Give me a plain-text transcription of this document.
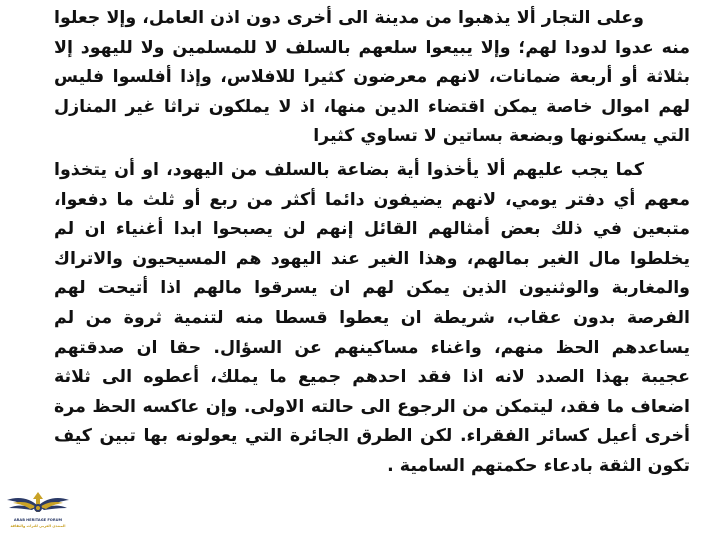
وعلى التجار ألا يذهبوا من مدينة الى أخرى دون اذن العامل، وإلا جعلوا منه عدوا لدودا لهم؛ وإلا يبيعوا سلعهم بالسلف لا للمسلمين ولا لليهود إلا بثلاثة أو أربعة ضمانات، لانهم معرضون كثيرا للافلاس، وإذا أفلسوا فليس لهم اموال خاصة يمكن اقتضاء الدين منها، اذ لا يملكون تراثا غير المنازل التي يسكنونها وبضعة بساتين لا تساوي كثيرا

كما يجب عليهم ألا يأخذوا أية بضاعة بالسلف من اليهود، او أن يتخذوا معهم أي دفتر يومي، لانهم يضيفون دائما أكثر من ربع أو ثلث ما دفعوا، متبعين في ذلك بعض أمثالهم القائل إنهم لن يصبحوا ابدا أغنياء ان لم يخلطوا مال الغير بمالهم، وهذا الغير عند اليهود هم المسيحيون والاتراك والمغاربة والوثنيون الذين يمكن لهم ان يسرقوا مالهم اذا أتيحت لهم الفرصة بدون عقاب، شريطة ان يعطوا قسطا منه لتنمية ثروة من لم يساعدهم الحظ منهم، واغناء مساكينهم عن السؤال. حقا ان صدقتهم عجيبة بهذا الصدد لانه اذا فقد احدهم جميع ما يملك، أعطوه الى ثلاثة اضعاف ما فقد، ليتمكن من الرجوع الى حالته الاولى. وإن عاكسه الحظ مرة أخرى أعيل كسائر الفقراء. لكن الطرق الجائرة التي يعولونه بها تبين كيف تكون الثقة بادعاء حكمتهم السامية .

ARAB HERITAGE FORUM
المنتدى العربي للتراث والثقافة
